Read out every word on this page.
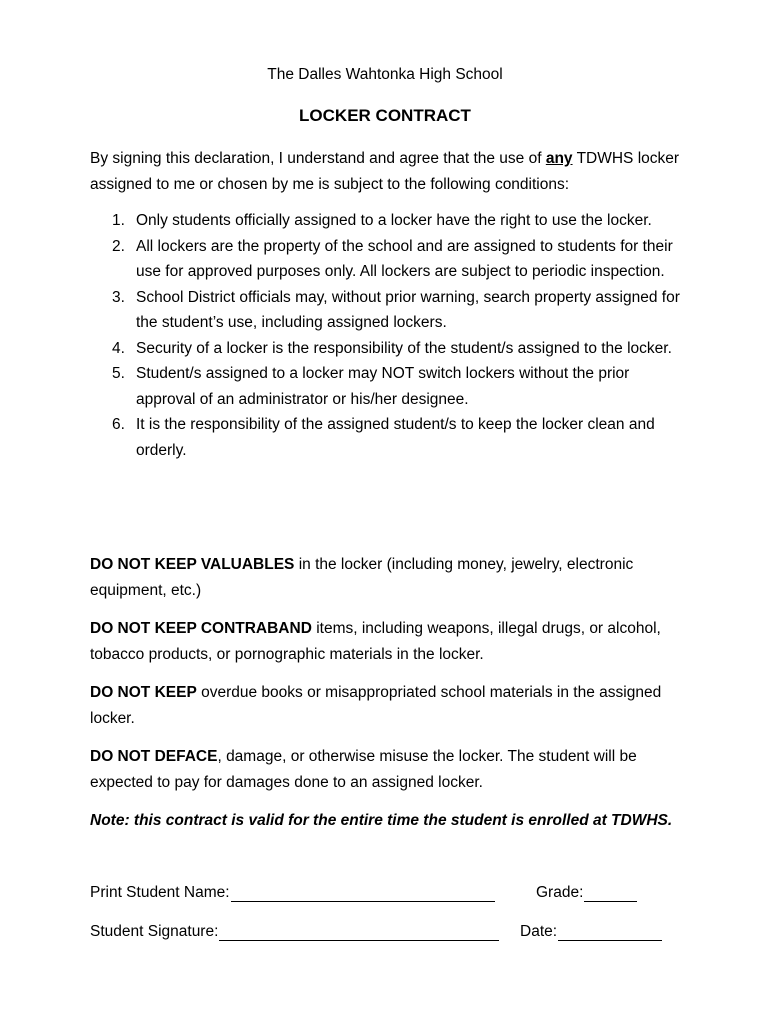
The Dalles Wahtonka High School
LOCKER CONTRACT
By signing this declaration, I understand and agree that the use of any TDWHS locker assigned to me or chosen by me is subject to the following conditions:
1. Only students officially assigned to a locker have the right to use the locker.
2. All lockers are the property of the school and are assigned to students for their use for approved purposes only. All lockers are subject to periodic inspection.
3. School District officials may, without prior warning, search property assigned for the student’s use, including assigned lockers.
4. Security of a locker is the responsibility of the student/s assigned to the locker.
5. Student/s assigned to a locker may NOT switch lockers without the prior approval of an administrator or his/her designee.
6. It is the responsibility of the assigned student/s to keep the locker clean and orderly.
DO NOT KEEP VALUABLES in the locker (including money, jewelry, electronic equipment, etc.)
DO NOT KEEP CONTRABAND items, including weapons, illegal drugs, or alcohol, tobacco products, or pornographic materials in the locker.
DO NOT KEEP overdue books or misappropriated school materials in the assigned locker.
DO NOT DEFACE, damage, or otherwise misuse the locker. The student will be expected to pay for damages done to an assigned locker.
Note: this contract is valid for the entire time the student is enrolled at TDWHS.
Print Student Name:	Grade:
Student Signature:	Date:
